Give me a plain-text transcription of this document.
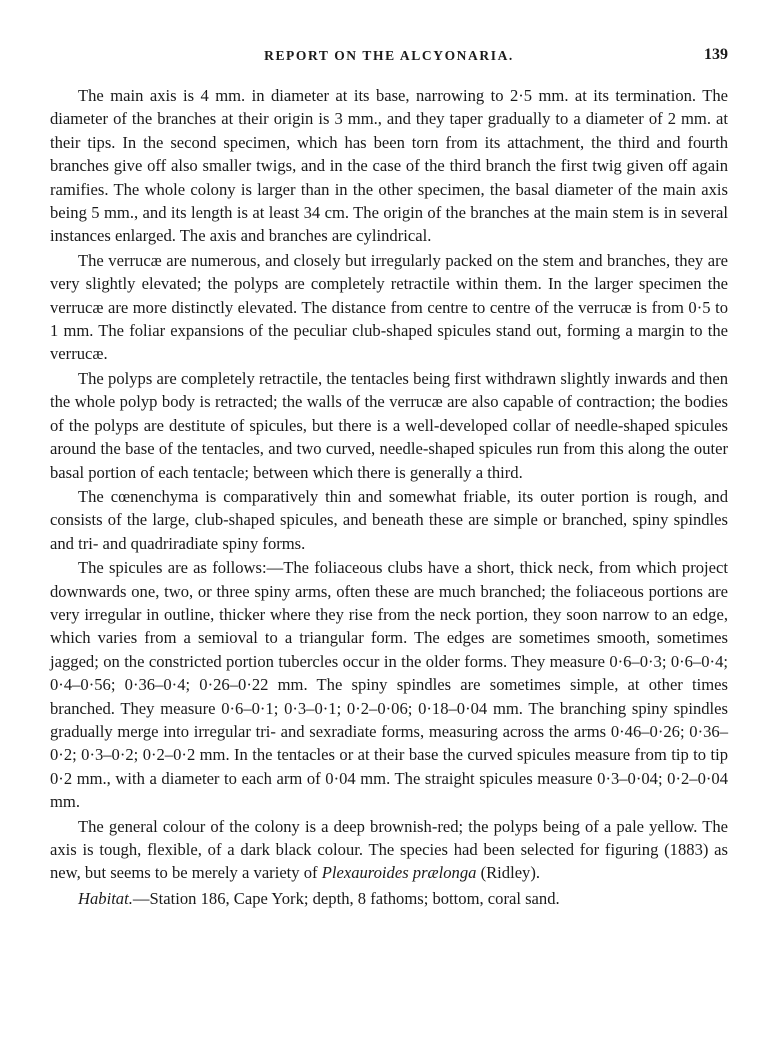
REPORT ON THE ALCYONARIA.	139

The main axis is 4 mm. in diameter at its base, narrowing to 2·5 mm. at its termination. The diameter of the branches at their origin is 3 mm., and they taper gradually to a diameter of 2 mm. at their tips. In the second specimen, which has been torn from its attachment, the third and fourth branches give off also smaller twigs, and in the case of the third branch the first twig given off again ramifies. The whole colony is larger than in the other specimen, the basal diameter of the main axis being 5 mm., and its length is at least 34 cm. The origin of the branches at the main stem is in several instances enlarged. The axis and branches are cylindrical.

The verrucæ are numerous, and closely but irregularly packed on the stem and branches, they are very slightly elevated; the polyps are completely retractile within them. In the larger specimen the verrucæ are more distinctly elevated. The distance from centre to centre of the verrucæ is from 0·5 to 1 mm. The foliar expansions of the peculiar club-shaped spicules stand out, forming a margin to the verrucæ.

The polyps are completely retractile, the tentacles being first withdrawn slightly inwards and then the whole polyp body is retracted; the walls of the verrucæ are also capable of contraction; the bodies of the polyps are destitute of spicules, but there is a well-developed collar of needle-shaped spicules around the base of the tentacles, and two curved, needle-shaped spicules run from this along the outer basal portion of each tentacle; between which there is generally a third.

The cœnenchyma is comparatively thin and somewhat friable, its outer portion is rough, and consists of the large, club-shaped spicules, and beneath these are simple or branched, spiny spindles and tri- and quadriradiate spiny forms.

The spicules are as follows:—The foliaceous clubs have a short, thick neck, from which project downwards one, two, or three spiny arms, often these are much branched; the foliaceous portions are very irregular in outline, thicker where they rise from the neck portion, they soon narrow to an edge, which varies from a semioval to a triangular form. The edges are sometimes smooth, sometimes jagged; on the constricted portion tubercles occur in the older forms. They measure 0·6–0·3; 0·6–0·4; 0·4–0·56; 0·36–0·4; 0·26–0·22 mm. The spiny spindles are sometimes simple, at other times branched. They measure 0·6–0·1; 0·3–0·1; 0·2–0·06; 0·18–0·04 mm. The branching spiny spindles gradually merge into irregular tri- and sexradiate forms, measuring across the arms 0·46–0·26; 0·36–0·2; 0·3–0·2; 0·2–0·2 mm. In the tentacles or at their base the curved spicules measure from tip to tip 0·2 mm., with a diameter to each arm of 0·04 mm. The straight spicules measure 0·3–0·04; 0·2–0·04 mm.

The general colour of the colony is a deep brownish-red; the polyps being of a pale yellow. The axis is tough, flexible, of a dark black colour. The species had been selected for figuring (1883) as new, but seems to be merely a variety of Plexauroides prælonga (Ridley).

Habitat.—Station 186, Cape York; depth, 8 fathoms; bottom, coral sand.
